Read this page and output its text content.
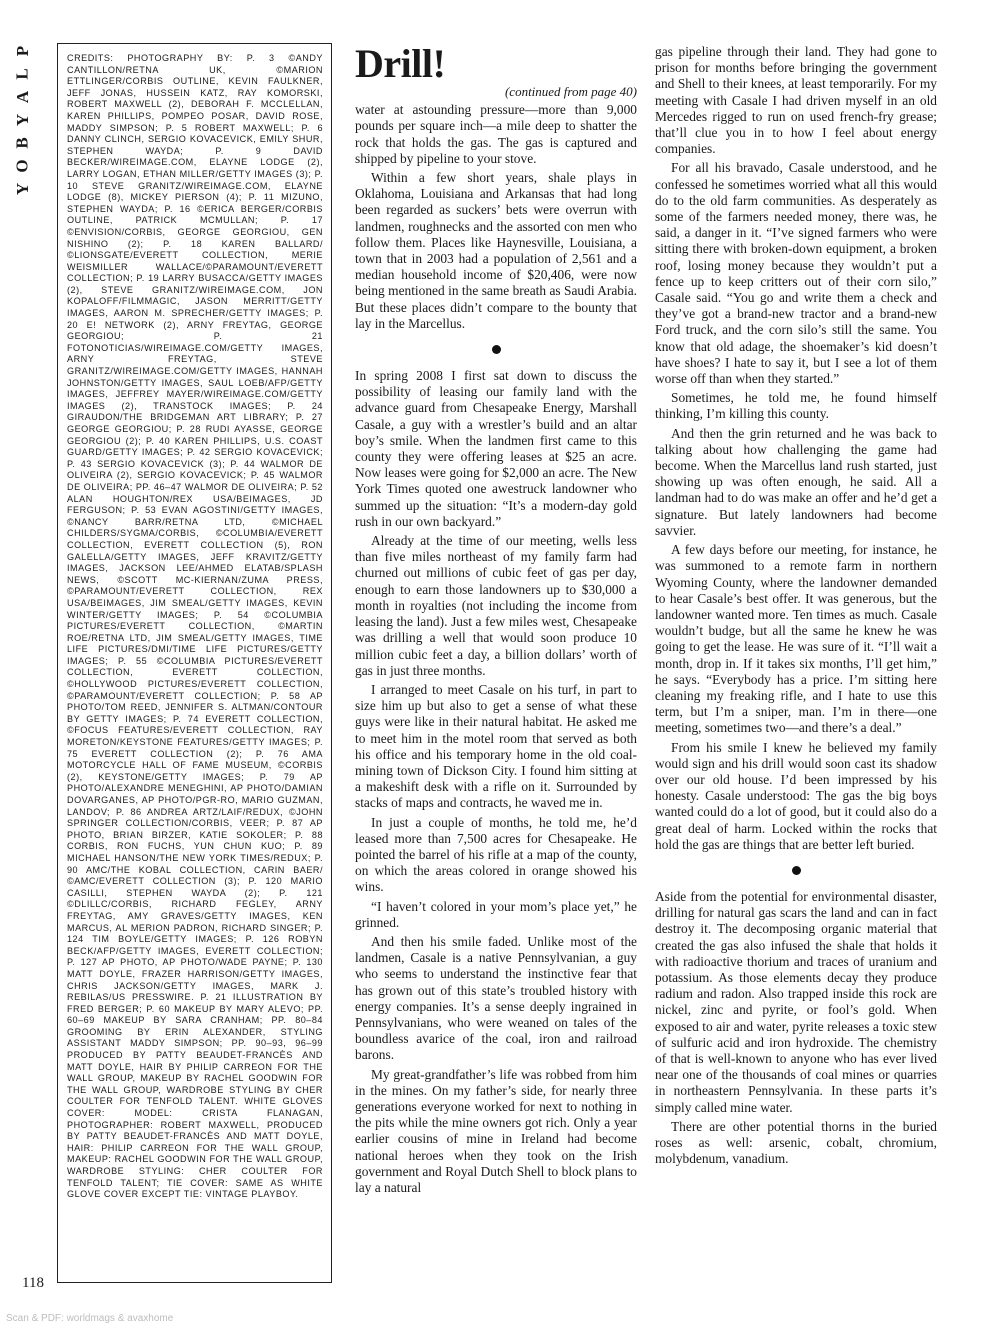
P
L
A
Y
B
O
Y

CREDITS: PHOTOGRAPHY BY: P. 3 ©ANDY CANTILLON/RETNA UK, ©MARION ETTLINGER/CORBIS OUTLINE, KEVIN FAULKNER, JEFF JONAS, HUSSEIN KATZ, RAY KOMORSKI, ROBERT MAXWELL (2), DEBORAH F. MCCLELLAN, KAREN PHILLIPS, POMPEO POSAR, DAVID ROSE, MADDY SIMPSON; P. 5 ROBERT MAXWELL; P. 6 DANNY CLINCH, SERGIO KOVACEVICK, EMILY SHUR, STEPHEN WAYDA; P. 9 DAVID BECKER/WIREIMAGE.COM, ELAYNE LODGE (2), LARRY LOGAN, ETHAN MILLER/GETTY IMAGES (3); P. 10 STEVE GRANITZ/WIREIMAGE.COM, ELAYNE LODGE (8), MICKEY PIERSON (4); P. 11 MIZUNO, STEPHEN WAYDA; P. 16 ©ERICA BERGER/CORBIS OUTLINE, PATRICK MCMULLAN; P. 17 ©ENVISION/CORBIS, GEORGE GEORGIOU, GEN NISHINO (2); P. 18 KAREN BALLARD/©LIONSGATE/EVERETT COLLECTION, MERIE WEISMILLER WALLACE/©PARAMOUNT/EVERETT COLLECTION; P. 19 LARRY BUSACCA/GETTY IMAGES (2), STEVE GRANITZ/WIREIMAGE.COM, JON KOPALOFF/FILMMAGIC, JASON MERRITT/GETTY IMAGES, AARON M. SPRECHER/GETTY IMAGES; P. 20 E! NETWORK (2), ARNY FREYTAG, GEORGE GEORGIOU; P. 21 FOTONOTICIAS/WIREIMAGE.COM/GETTY IMAGES, ARNY FREYTAG, STEVE GRANITZ/WIREIMAGE.COM/GETTY IMAGES, HANNAH JOHNSTON/GETTY IMAGES, SAUL LOEB/AFP/GETTY IMAGES, JEFFREY MAYER/WIREIMAGE.COM/GETTY IMAGES (2), TRANSTOCK IMAGES; P. 24 GIRAUDON/THE BRIDGEMAN ART LIBRARY; P. 27 GEORGE GEORGIOU; P. 28 RUDI AYASSE, GEORGE GEORGIOU (2); P. 40 KAREN PHILLIPS, U.S. COAST GUARD/GETTY IMAGES; P. 42 SERGIO KOVACEVICK; P. 43 SERGIO KOVACEVICK (3); P. 44 WALMOR DE OLIVEIRA (2), SERGIO KOVACEVICK; P. 45 WALMOR DE OLIVEIRA; PP. 46–47 WALMOR DE OLIVEIRA; P. 52 ALAN HOUGHTON/REX USA/BEIMAGES, JD FERGUSON; P. 53 EVAN AGOSTINI/GETTY IMAGES, ©NANCY BARR/RETNA LTD, ©MICHAEL CHILDERS/SYGMA/CORBIS, ©COLUMBIA/EVERETT COLLECTION, EVERETT COLLECTION (5), RON GALELLA/GETTY IMAGES, JEFF KRAVITZ/GETTY IMAGES, JACKSON LEE/AHMED ELATAB/SPLASH NEWS, ©SCOTT MC-KIERNAN/ZUMA PRESS, ©PARAMOUNT/EVERETT COLLECTION, REX USA/BEIMAGES, JIM SMEAL/GETTY IMAGES, KEVIN WINTER/GETTY IMAGES; P. 54 ©COLUMBIA PICTURES/EVERETT COLLECTION, ©MARTIN ROE/RETNA LTD, JIM SMEAL/GETTY IMAGES, TIME LIFE PICTURES/DMI/TIME LIFE PICTURES/GETTY IMAGES; P. 55 ©COLUMBIA PICTURES/EVERETT COLLECTION, EVERETT COLLECTION, ©HOLLYWOOD PICTURES/EVERETT COLLECTION, ©PARAMOUNT/EVERETT COLLECTION; P. 58 AP PHOTO/TOM REED, JENNIFER S. ALTMAN/CONTOUR BY GETTY IMAGES; P. 74 EVERETT COLLECTION, ©FOCUS FEATURES/EVERETT COLLECTION, RAY MORETON/KEYSTONE FEATURES/GETTY IMAGES; P. 75 EVERETT COLLECTION (2); P. 76 AMA MOTORCYCLE HALL OF FAME MUSEUM, ©CORBIS (2), KEYSTONE/GETTY IMAGES; P. 79 AP PHOTO/ALEXANDRE MENEGHINI, AP PHOTO/DAMIAN DOVARGANES, AP PHOTO/PGR-RO, MARIO GUZMAN, LANDOV; P. 86 ANDREA ARTZ/LAIF/REDUX, ©JOHN SPRINGER COLLECTION/CORBIS, VEER; P. 87 AP PHOTO, BRIAN BIRZER, KATIE SOKOLER; P. 88 CORBIS, RON FUCHS, YUN CHUN KUO; P. 89 MICHAEL HANSON/THE NEW YORK TIMES/REDUX; P. 90 AMC/THE KOBAL COLLECTION, CARIN BAER/©AMC/EVERETT COLLECTION (3); P. 120 MARIO CASILLI, STEPHEN WAYDA (2); P. 121 ©DLILLC/CORBIS, RICHARD FEGLEY, ARNY FREYTAG, AMY GRAVES/GETTY IMAGES, KEN MARCUS, AL MERION PADRON, RICHARD SINGER; P. 124 TIM BOYLE/GETTY IMAGES; P. 126 ROBYN BECK/AFP/GETTY IMAGES, EVERETT COLLECTION; P. 127 AP PHOTO, AP PHOTO/WADE PAYNE; P. 130 MATT DOYLE, FRAZER HARRISON/GETTY IMAGES, CHRIS JACKSON/GETTY IMAGES, MARK J. REBILAS/US PRESSWIRE. P. 21 ILLUSTRATION BY FRED BERGER; P. 60 MAKEUP BY MARY ALEVO; PP. 60–69 MAKEUP BY SARA CRANHAM; PP. 80–84 GROOMING BY ERIN ALEXANDER, STYLING ASSISTANT MADDY SIMPSON; PP. 90–93, 96–99 PRODUCED BY PATTY BEAUDET-FRANCÈS AND MATT DOYLE, HAIR BY PHILIP CARREON FOR THE WALL GROUP, MAKEUP BY RACHEL GOODWIN FOR THE WALL GROUP, WARDROBE STYLING BY CHER COULTER FOR TENFOLD TALENT. WHITE GLOVES COVER: MODEL: CRISTA FLANAGAN, PHOTOGRAPHER: ROBERT MAXWELL, PRODUCED BY PATTY BEAUDET-FRANCÈS AND MATT DOYLE, HAIR: PHILIP CARREON FOR THE WALL GROUP, MAKEUP: RACHEL GOODWIN FOR THE WALL GROUP, WARDROBE STYLING: CHER COULTER FOR TENFOLD TALENT; TIE COVER: SAME AS WHITE GLOVE COVER EXCEPT TIE: VINTAGE PLAYBOY.

118
Drill!
(continued from page 40)

water at astounding pressure—more than 9,000 pounds per square inch—a mile deep to shatter the rock that holds the gas. The gas is captured and shipped by pipeline to your stove.

Within a few short years, shale plays in Oklahoma, Louisiana and Arkansas that had long been regarded as suckers’ bets were overrun with landmen, roughnecks and the assorted con men who follow them. Places like Haynesville, Louisiana, a town that in 2003 had a population of 2,561 and a median household income of $20,406, were now being mentioned in the same breath as Saudi Arabia. But these places didn’t compare to the bounty that lay in the Marcellus.

In spring 2008 I first sat down to discuss the possibility of leasing our family land with the advance guard from Chesapeake Energy, Marshall Casale, a guy with a wrestler’s build and an altar boy’s smile. When the landmen first came to this county they were offering leases at $25 an acre. Now leases were going for $2,000 an acre. The New York Times quoted one awestruck landowner who summed up the situation: “It’s a modern-day gold rush in our own backyard.”

Already at the time of our meeting, wells less than five miles northeast of my family farm had churned out millions of cubic feet of gas per day, enough to earn those landowners up to $30,000 a month in royalties (not including the income from leasing the land). Just a few miles west, Chesapeake was drilling a well that would soon produce 10 million cubic feet a day, a billion dollars’ worth of gas in just three months.

I arranged to meet Casale on his turf, in part to size him up but also to get a sense of what these guys were like in their natural habitat. He asked me to meet him in the motel room that served as both his office and his temporary home in the old coal-mining town of Dickson City. I found him sitting at a makeshift desk with a rifle on it. Surrounded by stacks of maps and contracts, he waved me in.

In just a couple of months, he told me, he’d leased more than 7,500 acres for Chesapeake. He pointed the barrel of his rifle at a map of the county, on which the areas colored in orange showed his wins.

“I haven’t colored in your mom’s place yet,” he grinned.

And then his smile faded. Unlike most of the landmen, Casale is a native Pennsylvanian, a guy who seems to understand the instinctive fear that has grown out of this state’s troubled history with energy companies. It’s a sense deeply ingrained in Pennsylvanians, who were weaned on tales of the boundless avarice of the coal, iron and railroad barons.

My great-grandfather’s life was robbed from him in the mines. On my father’s side, for nearly three generations everyone worked for next to nothing in the pits while the mine owners got rich. Only a year earlier cousins of mine in Ireland had become national heroes when they took on the Irish government and Royal Dutch Shell to block plans to lay a natural

gas pipeline through their land. They had gone to prison for months before bringing the government and Shell to their knees, at least temporarily. For my meeting with Casale I had driven myself in an old Mercedes rigged to run on used french-fry grease; that’ll clue you in to how I feel about energy companies.

For all his bravado, Casale understood, and he confessed he sometimes worried what all this would do to the old farm communities. As desperately as some of the farmers needed money, there was, he said, a danger in it. “I’ve signed farmers who were sitting there with broken-down equipment, a broken roof, losing money because they wouldn’t put a fence up to keep critters out of their corn silo,” Casale said. “You go and write them a check and they’ve got a brand-new tractor and a brand-new Ford truck, and the corn silo’s still the same. You know that old adage, the shoemaker’s kid doesn’t have shoes? I hate to say it, but I see a lot of them worse off than when they started.”

Sometimes, he told me, he found himself thinking, I’m killing this county.

And then the grin returned and he was back to talking about how challenging the game had become. When the Marcellus land rush started, just showing up was often enough, he said. All a landman had to do was make an offer and he’d get a signature. But lately landowners had become savvier.

A few days before our meeting, for instance, he was summoned to a remote farm in northern Wyoming County, where the landowner demanded to hear Casale’s best offer. It was generous, but the landowner wanted more. Ten times as much. Casale wouldn’t budge, but all the same he knew he was going to get the lease. He was sure of it. “I’ll wait a month, drop in. If it takes six months, I’ll get him,” he says. “Everybody has a price. I’m sitting here cleaning my freaking rifle, and I hate to use this term, but I’m a sniper, man. I’m in there—one meeting, sometimes two—and there’s a deal.”

From his smile I knew he believed my family would sign and his drill would soon cast its shadow over our old house. I’d been impressed by his honesty. Casale understood: The gas the big boys wanted could do a lot of good, but it could also do a great deal of harm. Locked within the rocks that hold the gas are things that are better left buried.

Aside from the potential for environmental disaster, drilling for natural gas scars the land and can in fact destroy it. The decomposing organic material that created the gas also infused the shale that holds it with radioactive thorium and traces of uranium and potassium. As those elements decay they produce radium and radon. Also trapped inside this rock are nickel, zinc and pyrite, or fool’s gold. When exposed to air and water, pyrite releases a toxic stew of sulfuric acid and iron hydroxide. The chemistry of that is well-known to anyone who has ever lived near one of the thousands of coal mines or quarries in northeastern Pennsylvania. In these parts it’s simply called mine water.

There are other potential thorns in the buried roses as well: arsenic, cobalt, chromium, molybdenum, vanadium.

Scan & PDF: worldmags & avaxhome
